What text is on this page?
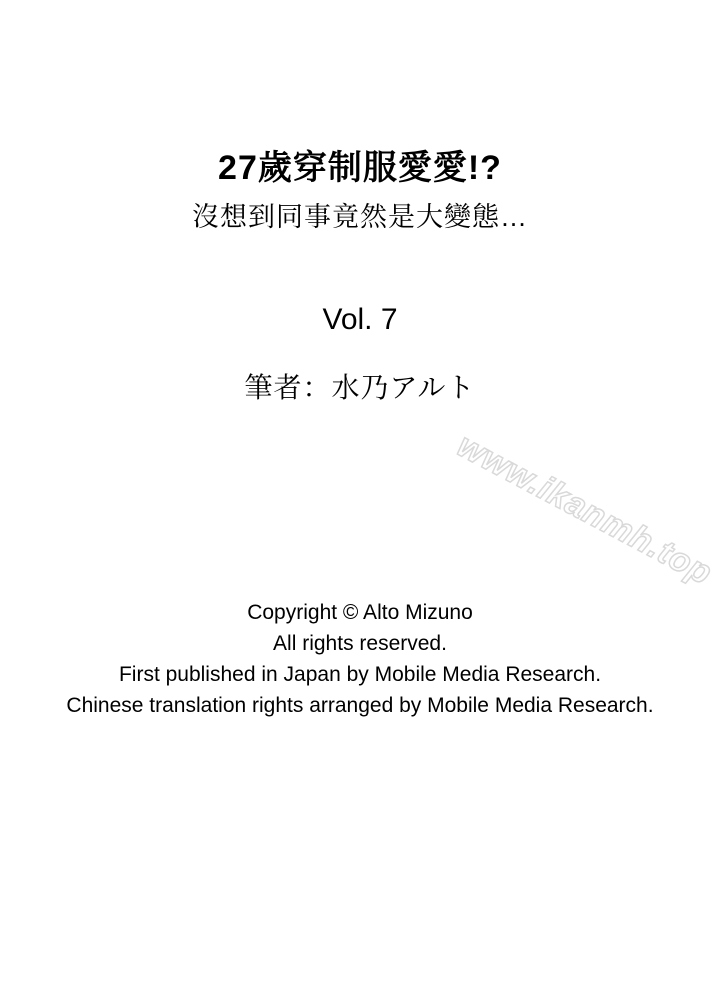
27歲穿制服愛愛!?
沒想到同事竟然是大變態…
Vol. 7
筆者：水乃アルト
www.ikanmh.top
Copyright © Alto Mizuno
All rights reserved.
First published in Japan by Mobile Media Research.
Chinese translation rights arranged by Mobile Media Research.
